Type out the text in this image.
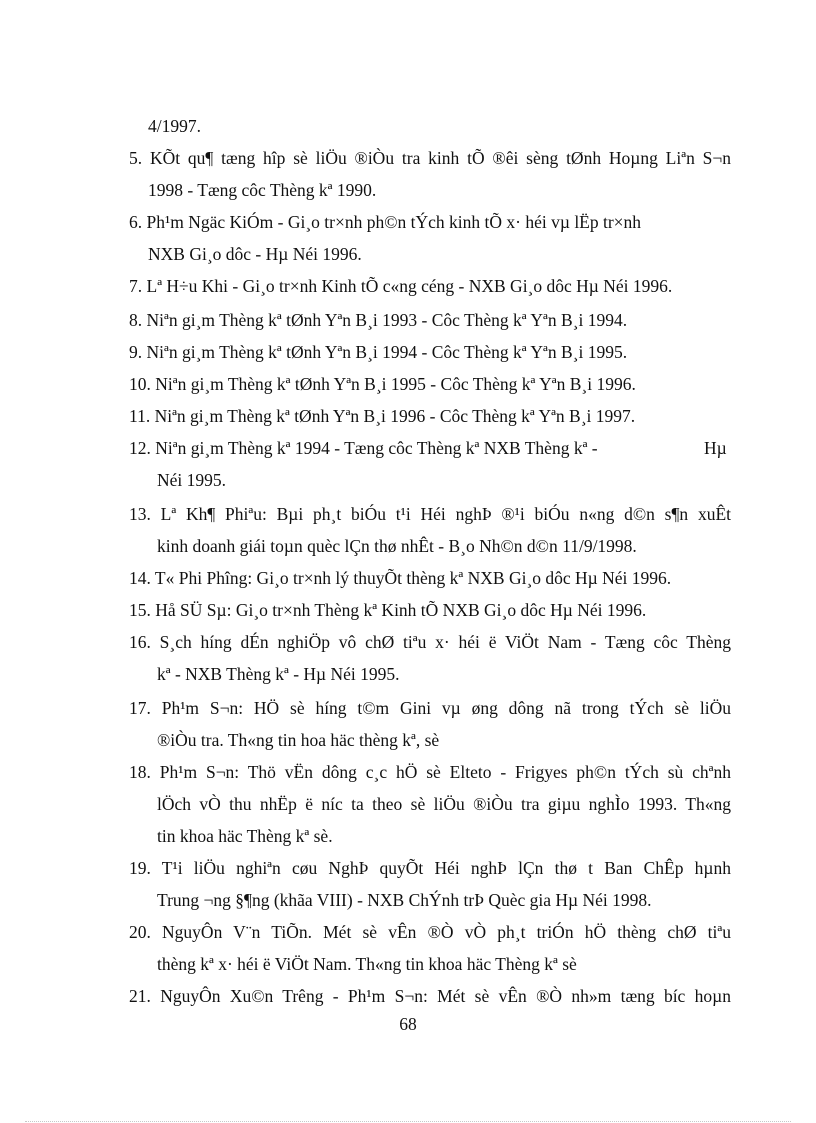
4/1997.
5. KÕt qu¶ tæng hîp sè liÖu ®iÒu tra kinh tÕ ®êi sèng tØnh Hoµng Liªn S¬n
1998 - Tæng côc Thèng kª 1990.
6. Ph¹m Ngäc KiÓm - Gi¸o tr×nh ph©n tÝch kinh tÕ x· héi vµ lËp tr×nh
NXB Gi¸o dôc - Hµ Néi 1996.
7. Lª H÷u Khi - Gi¸o tr×nh Kinh tÕ c«ng céng - NXB Gi¸o dôc Hµ Néi 1996.
8. Niªn gi¸m Thèng kª tØnh Yªn B¸i 1993 - Côc Thèng kª Yªn B¸i 1994.
9. Niªn gi¸m Thèng kª tØnh Yªn B¸i 1994 - Côc Thèng kª Yªn B¸i 1995.
10. Niªn gi¸m Thèng kª tØnh Yªn B¸i 1995 - Côc Thèng kª Yªn B¸i 1996.
11. Niªn gi¸m Thèng kª tØnh Yªn B¸i 1996 - Côc Thèng kª Yªn B¸i 1997.
12. Niªn gi¸m Thèng kª 1994 - Tæng côc Thèng kª NXB Thèng kª -	Hµ
Néi 1995.
13. Lª Kh¶ Phiªu: Bµi ph¸t biÓu t¹i Héi nghÞ ®¹i biÓu n«ng d©n s¶n xuÊt
kinh doanh giái toµn quèc lÇn thø nhÊt - B¸o Nh©n d©n 11/9/1998.
14. T« Phi Phîng: Gi¸o tr×nh lý thuyÕt thèng kª NXB Gi¸o dôc Hµ Néi 1996.
15. Hå SÜ Sµ: Gi¸o tr×nh Thèng kª Kinh tÕ NXB Gi¸o dôc Hµ Néi 1996.
16. S¸ch híng dÉn nghiÖp vô chØ tiªu x· héi ë ViÖt Nam - Tæng côc Thèng
kª - NXB Thèng kª - Hµ Néi 1995.
17. Ph¹m S¬n: HÖ sè híng t©m Gini vµ øng dông nã trong tÝch sè liÖu
®iÒu tra. Th«ng tin hoa häc thèng kª, sè
18. Ph¹m S¬n: Thö vËn dông c¸c hÖ sè Elteto - Frigyes ph©n tÝch sù chªnh
lÖch vÒ thu nhËp ë níc ta theo sè liÖu ®iÒu tra giµu nghÌo 1993. Th«ng
tin khoa häc Thèng kª sè.
19. T¹i liÖu nghiªn cøu NghÞ quyÕt Héi nghÞ lÇn thø t Ban ChÊp hµnh
Trung ¬ng §¶ng (khãa VIII) - NXB ChÝnh trÞ Quèc gia Hµ Néi 1998.
20. NguyÔn V¨n TiÕn. Mét sè vÊn ®Ò vÒ ph¸t triÓn hÖ thèng chØ tiªu
thèng kª x· héi ë ViÖt Nam. Th«ng tin khoa häc Thèng kª sè
21. NguyÔn Xu©n Trêng - Ph¹m S¬n: Mét sè vÊn ®Ò nh»m tæng bíc hoµn
68
